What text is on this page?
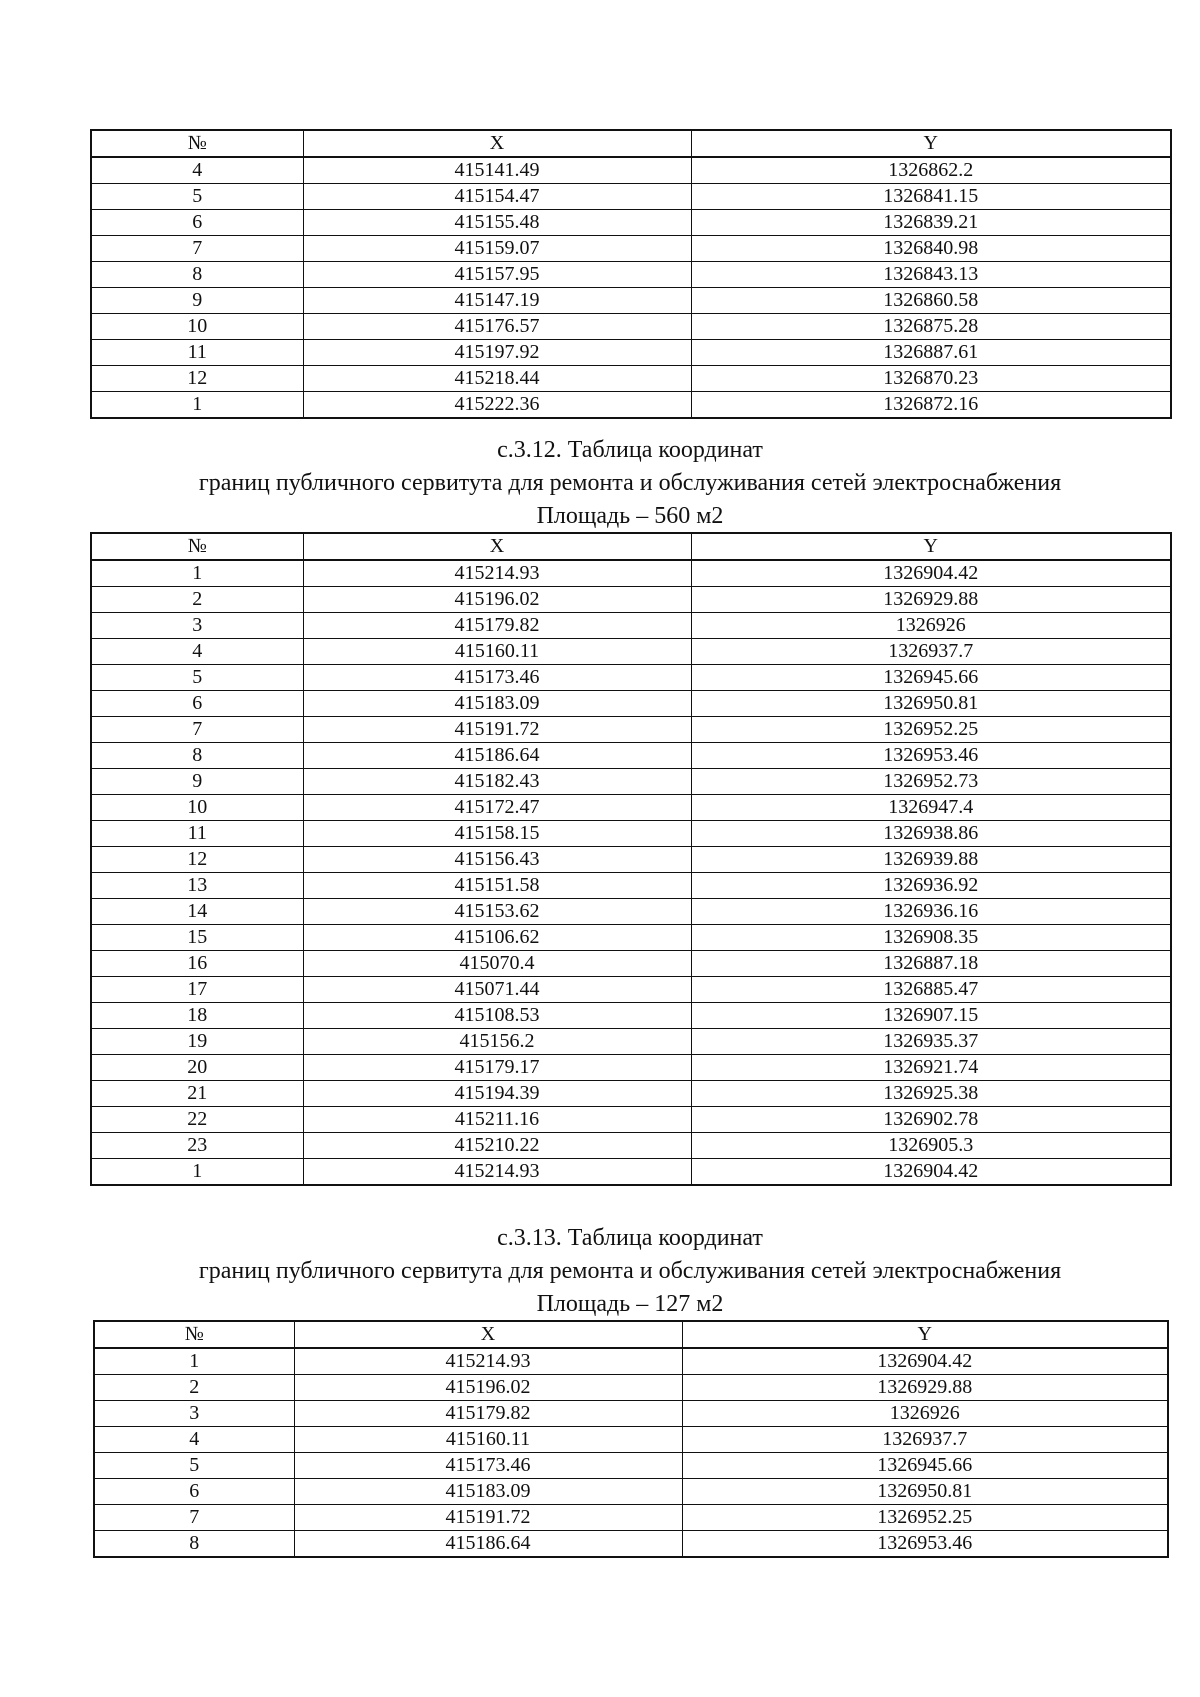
№	X	Y
4	415141.49	1326862.2
5	415154.47	1326841.15
6	415155.48	1326839.21
7	415159.07	1326840.98
8	415157.95	1326843.13
9	415147.19	1326860.58
10	415176.57	1326875.28
11	415197.92	1326887.61
12	415218.44	1326870.23
1	415222.36	1326872.16
с.3.12. Таблица координат
границ публичного сервитута для ремонта и обслуживания сетей электроснабжения
Площадь – 560 м2
№	X	Y
1	415214.93	1326904.42
2	415196.02	1326929.88
3	415179.82	1326926
4	415160.11	1326937.7
5	415173.46	1326945.66
6	415183.09	1326950.81
7	415191.72	1326952.25
8	415186.64	1326953.46
9	415182.43	1326952.73
10	415172.47	1326947.4
11	415158.15	1326938.86
12	415156.43	1326939.88
13	415151.58	1326936.92
14	415153.62	1326936.16
15	415106.62	1326908.35
16	415070.4	1326887.18
17	415071.44	1326885.47
18	415108.53	1326907.15
19	415156.2	1326935.37
20	415179.17	1326921.74
21	415194.39	1326925.38
22	415211.16	1326902.78
23	415210.22	1326905.3
1	415214.93	1326904.42
с.3.13. Таблица координат
границ публичного сервитута для ремонта и обслуживания сетей электроснабжения
Площадь – 127 м2
№	X	Y
1	415214.93	1326904.42
2	415196.02	1326929.88
3	415179.82	1326926
4	415160.11	1326937.7
5	415173.46	1326945.66
6	415183.09	1326950.81
7	415191.72	1326952.25
8	415186.64	1326953.46
